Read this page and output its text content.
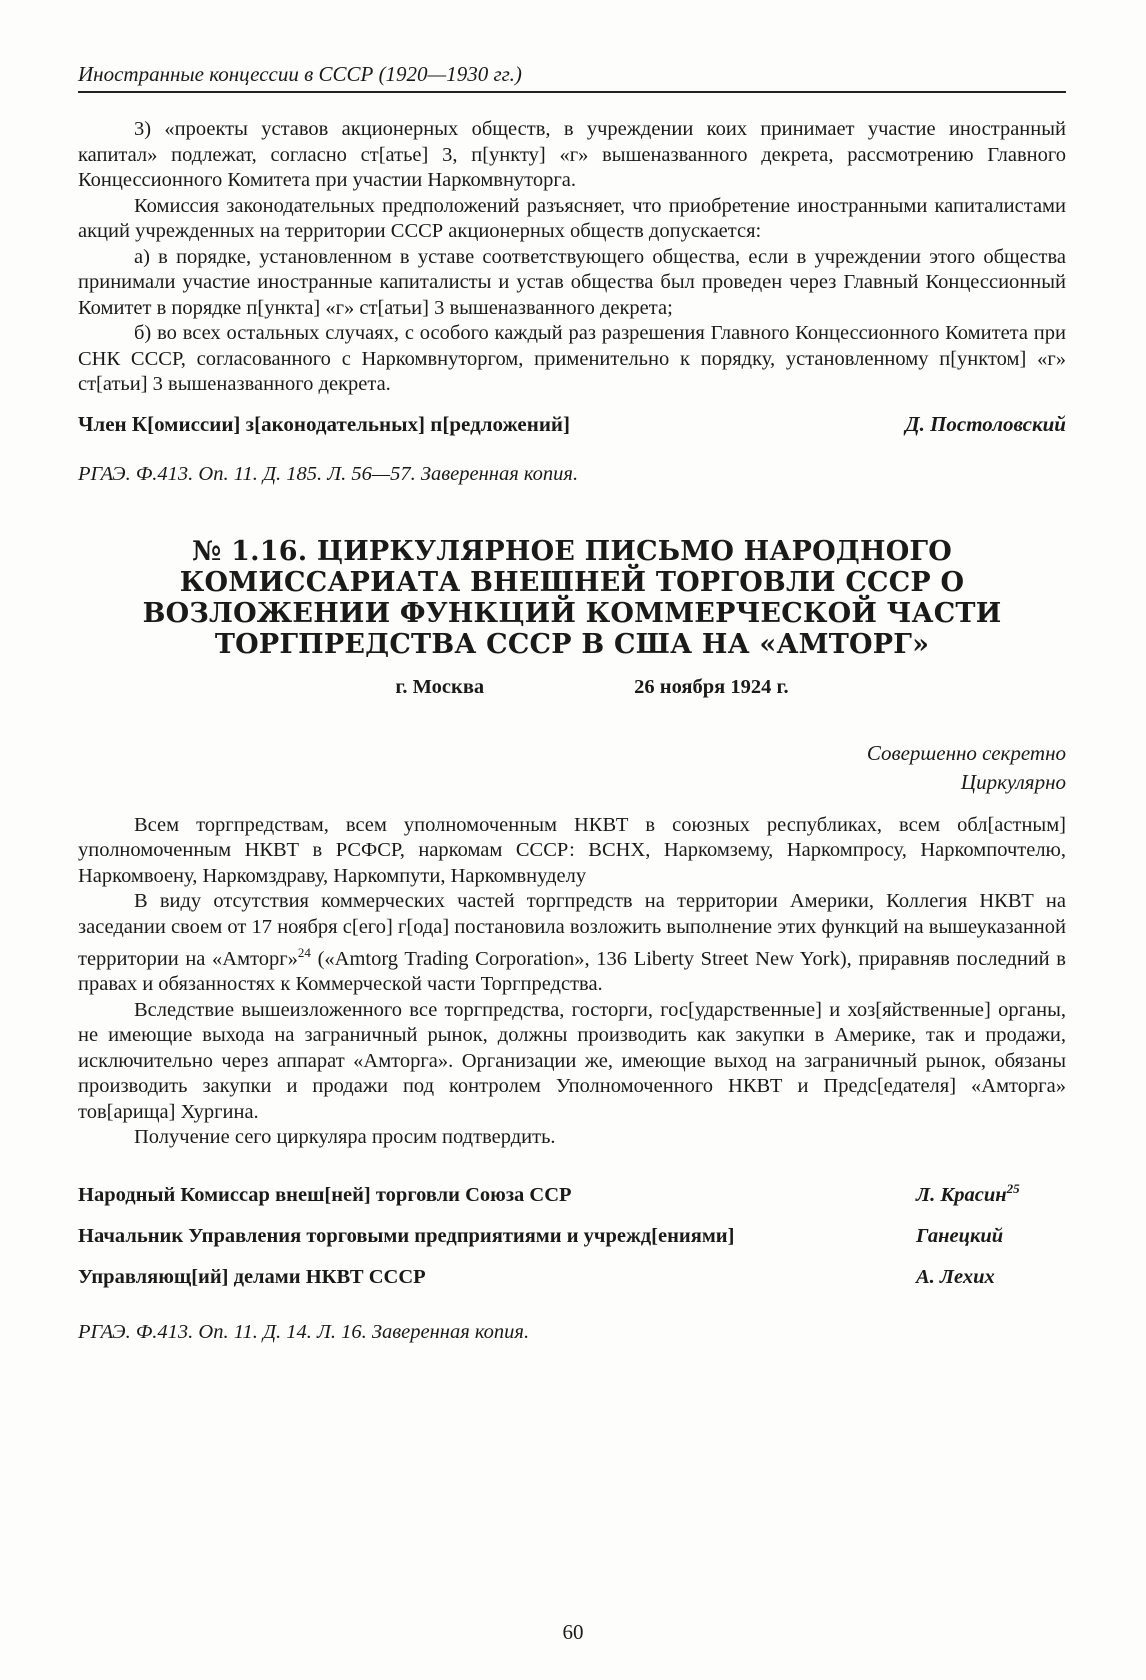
Иностранные концессии в СССР (1920—1930 гг.)

3) «проекты уставов акционерных обществ, в учреждении коих принимает участие иностранный капитал» подлежат, согласно ст[атье] 3, п[ункту] «г» вышеназванного декрета, рассмотрению Главного Концессионного Комитета при участии Наркомвнуторга.

Комиссия законодательных предположений разъясняет, что приобретение иностранными капиталистами акций учрежденных на территории СССР акционерных обществ допускается:

а) в порядке, установленном в уставе соответствующего общества, если в учреждении этого общества принимали участие иностранные капиталисты и устав общества был проведен через Главный Концессионный Комитет в порядке п[ункта] «г» ст[атьи] 3 вышеназванного декрета;

б) во всех остальных случаях, с особого каждый раз разрешения Главного Концессионного Комитета при СНК СССР, согласованного с Наркомвнуторгом, применительно к порядку, установленному п[унктом] «г» ст[атьи] 3 вышеназванного декрета.

Член К[омиссии] з[аконодательных] п[редложений]	Д. Постоловский
РГАЭ. Ф.413. Оп. 11. Д. 185. Л. 56—57. Заверенная копия.
№ 1.16. ЦИРКУЛЯРНОЕ ПИСЬМО НАРОДНОГО КОМИССАРИАТА ВНЕШНЕЙ ТОРГОВЛИ СССР О ВОЗЛОЖЕНИИ ФУНКЦИЙ КОММЕРЧЕСКОЙ ЧАСТИ ТОРГПРЕДСТВА СССР В США НА «АМТОРГ»
г. Москва	26 ноября 1924 г.
Совершенно секретно
Циркулярно

Всем торгпредствам, всем уполномоченным НКВТ в союзных республиках, всем обл[астным] уполномоченным НКВТ в РСФСР, наркомам СССР: ВСНХ, Наркомзему, Наркомпросу, Наркомпочтелю, Наркомвоену, Наркомздраву, Наркомпути, Наркомвнуделу

В виду отсутствия коммерческих частей торгпредств на территории Америки, Коллегия НКВТ на заседании своем от 17 ноября с[его] г[ода] постановила возложить выполнение этих функций на вышеуказанной территории на «Амторг»$^{24}$ («Amtorg Trading Corporation», 136 Liberty Street New York), приравняв последний в правах и обязанностях к Коммерческой части Торгпредства.

Вследствие вышеизложенного все торгпредства, госторги, гос[ударственные] и хоз[яйственные] органы, не имеющие выхода на заграничный рынок, должны производить как закупки в Америке, так и продажи, исключительно через аппарат «Амторга». Организации же, имеющие выход на заграничный рынок, обязаны производить закупки и продажи под контролем Уполномоченного НКВТ и Предс[едателя] «Амторга» тов[арища] Хургина.

Получение сего циркуляра просим подтвердить.

Народный Комиссар внеш[ней] торговли Союза ССР	Л. Красин$^{25}$
Начальник Управления торговыми предприятиями и учрежд[ениями]	Ганецкий
Управляющ[ий] делами НКВТ СССР	А. Лехих
РГАЭ. Ф.413. Оп. 11. Д. 14. Л. 16. Заверенная копия.
60
